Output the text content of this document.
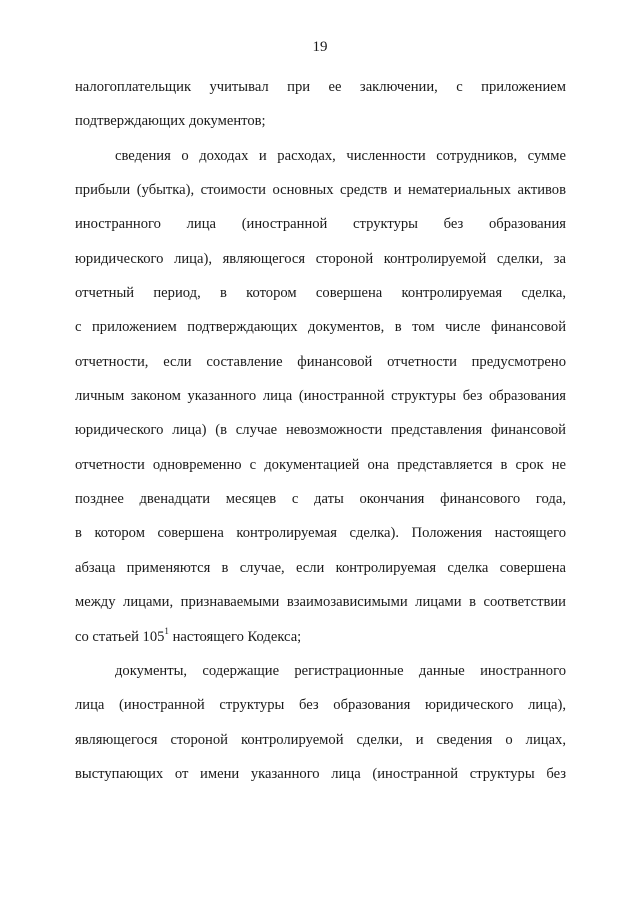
19
налогоплательщик учитывал при ее заключении, с приложением
подтверждающих документов;
сведения о доходах и расходах, численности сотрудников, сумме
прибыли (убытка), стоимости основных средств и нематериальных активов
иностранного лица (иностранной структуры без образования
юридического лица), являющегося стороной контролируемой сделки, за
отчетный период, в котором совершена контролируемая сделка,
с приложением подтверждающих документов, в том числе финансовой
отчетности, если составление финансовой отчетности предусмотрено
личным законом указанного лица (иностранной структуры без образования
юридического лица) (в случае невозможности представления финансовой
отчетности одновременно с документацией она представляется в срок не
позднее двенадцати месяцев с даты окончания финансового года,
в котором совершена контролируемая сделка). Положения настоящего
абзаца применяются в случае, если контролируемая сделка совершена
между лицами, признаваемыми взаимозависимыми лицами в соответствии
со статьей $105^1$ настоящего Кодекса;
документы, содержащие регистрационные данные иностранного
лица (иностранной структуры без образования юридического лица),
являющегося стороной контролируемой сделки, и сведения о лицах,
выступающих от имени указанного лица (иностранной структуры без
